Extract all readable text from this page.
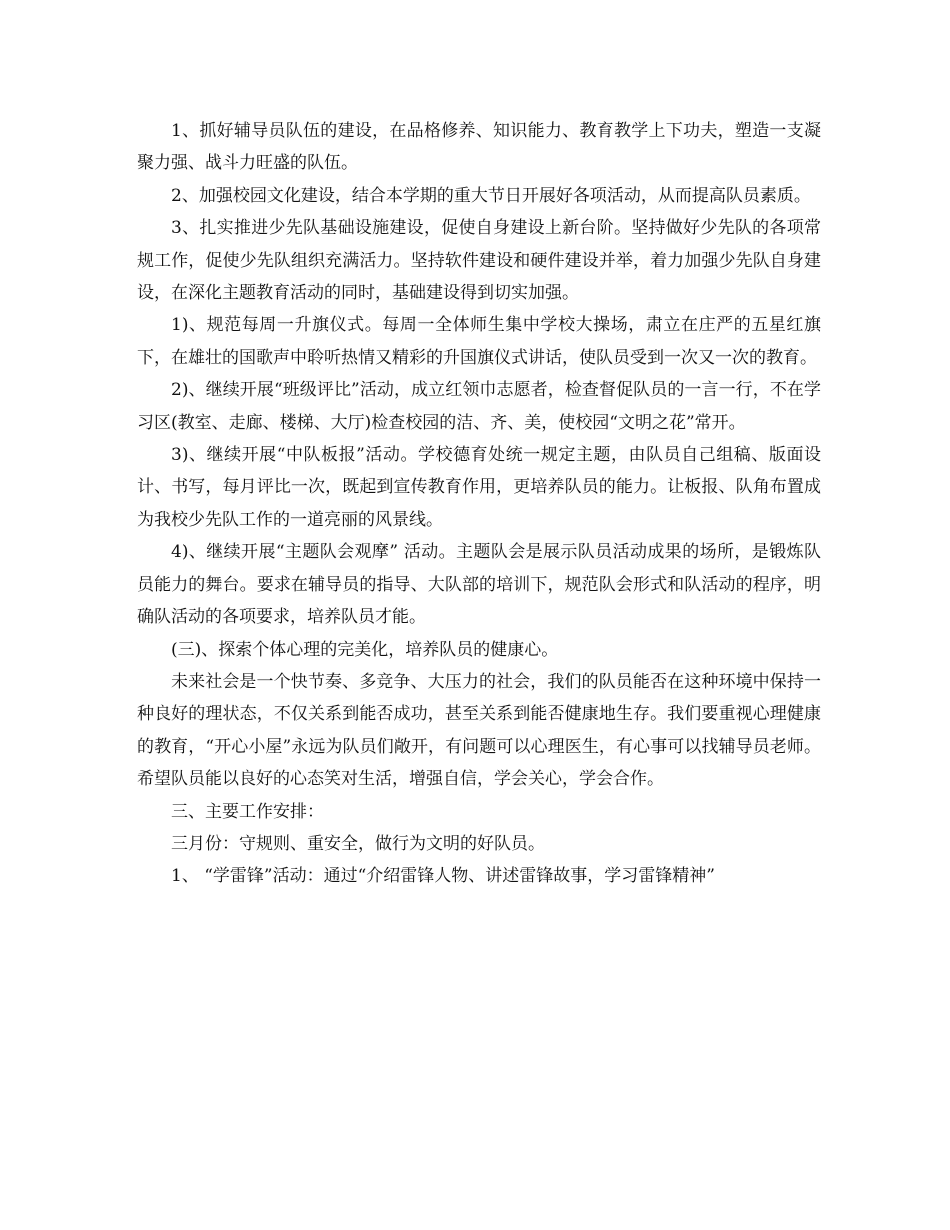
1、抓好辅导员队伍的建设，在品格修养、知识能力、教育教学上下功夫，塑造一支凝聚力强、战斗力旺盛的队伍。

2、加强校园文化建设，结合本学期的重大节日开展好各项活动，从而提高队员素质。

3、扎实推进少先队基础设施建设，促使自身建设上新台阶。坚持做好少先队的各项常规工作，促使少先队组织充满活力。坚持软件建设和硬件建设并举，着力加强少先队自身建设，在深化主题教育活动的同时，基础建设得到切实加强。

1)、规范每周一升旗仪式。每周一全体师生集中学校大操场，肃立在庄严的五星红旗下，在雄壮的国歌声中聆听热情又精彩的升国旗仪式讲话，使队员受到一次又一次的教育。

2)、继续开展“班级评比”活动，成立红领巾志愿者，检查督促队员的一言一行，不在学习区(教室、走廊、楼梯、大厅)检查校园的洁、齐、美，使校园“文明之花”常开。

3)、继续开展“中队板报”活动。学校德育处统一规定主题，由队员自己组稿、版面设计、书写，每月评比一次，既起到宣传教育作用，更培养队员的能力。让板报、队角布置成为我校少先队工作的一道亮丽的风景线。

4)、继续开展“主题队会观摩” 活动。主题队会是展示队员活动成果的场所，是锻炼队员能力的舞台。要求在辅导员的指导、大队部的培训下，规范队会形式和队活动的程序，明确队活动的各项要求，培养队员才能。

(三)、探索个体心理的完美化，培养队员的健康心。

未来社会是一个快节奏、多竞争、大压力的社会，我们的队员能否在这种环境中保持一种良好的理状态，不仅关系到能否成功，甚至关系到能否健康地生存。我们要重视心理健康的教育，“开心小屋”永远为队员们敞开，有问题可以心理医生，有心事可以找辅导员老师。希望队员能以良好的心态笑对生活，增强自信，学会关心，学会合作。

三、主要工作安排：

三月份：守规则、重安全，做行为文明的好队员。

1、 “学雷锋”活动：通过“介绍雷锋人物、讲述雷锋故事，学习雷锋精神”
